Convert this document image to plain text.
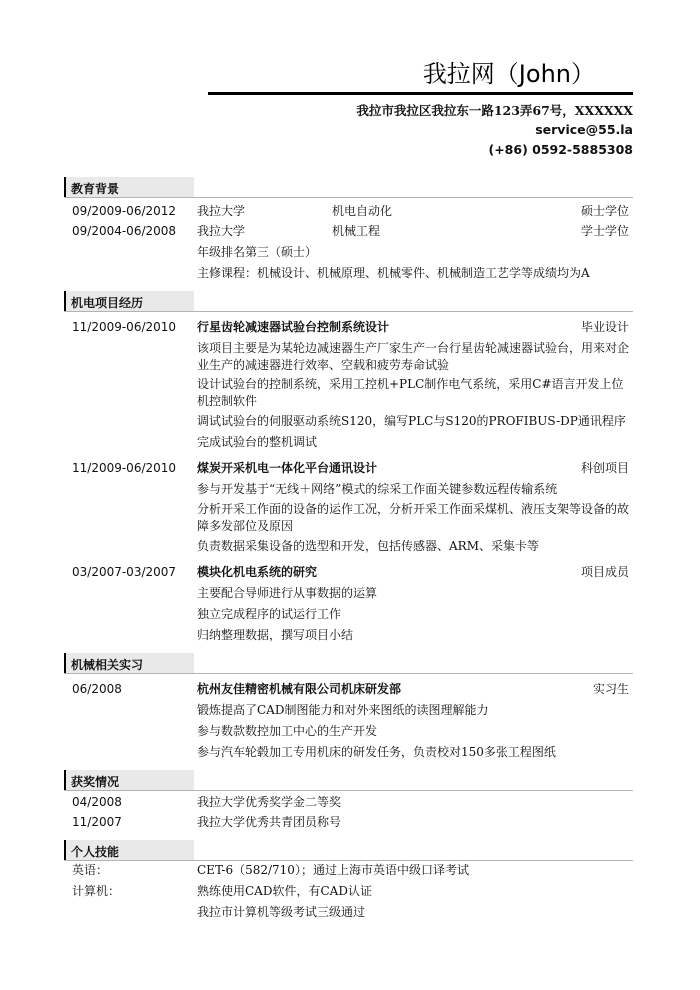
我拉网（John）
我拉市我拉区我拉东一路123弄67号，XXXXXX
service@55.la
(+86) 0592-5885308
教育背景
09/2009-06/2012 我拉大学	机电自动化	硕士学位
09/2004-06/2008 我拉大学	机械工程	学士学位
年级排名第三（硕士）
主修课程：机械设计、机械原理、机械零件、机械制造工艺学等成绩均为A
机电项目经历
11/2009-06/2010 行星齿轮减速器试验台控制系统设计	毕业设计
该项目主要是为某轮边减速器生产厂家生产一台行星齿轮减速器试验台，用来对企业生产的减速器进行效率、空载和疲劳寿命试验
设计试验台的控制系统，采用工控机+PLC制作电气系统，采用C#语言开发上位机控制软件
调试试验台的伺服驱动系统S120，编写PLC与S120的PROFIBUS-DP通讯程序
完成试验台的整机调试
11/2009-06/2010 煤炭开采机电一体化平台通讯设计	科创项目
参与开发基于“无线＋网络”模式的综采工作面关键参数远程传输系统
分析开采工作面的设备的运作工况，分析开采工作面采煤机、液压支架等设备的故障多发部位及原因
负责数据采集设备的选型和开发，包括传感器、ARM、采集卡等
03/2007-03/2007 模块化机电系统的研究	项目成员
主要配合导师进行从事数据的运算
独立完成程序的试运行工作
归纳整理数据，撰写项目小结
机械相关实习
06/2008	杭州友佳精密机械有限公司机床研发部	实习生
锻炼提高了CAD制图能力和对外来图纸的读图理解能力
参与数款数控加工中心的生产开发
参与汽车轮毂加工专用机床的研发任务，负责校对150多张工程图纸
获奖情况
04/2008	我拉大学优秀奖学金二等奖
11/2007	我拉大学优秀共青团员称号
个人技能
英语：	CET-6（582/710）；通过上海市英语中级口译考试
计算机：	熟练使用CAD软件，有CAD认证
我拉市计算机等级考试三级通过
